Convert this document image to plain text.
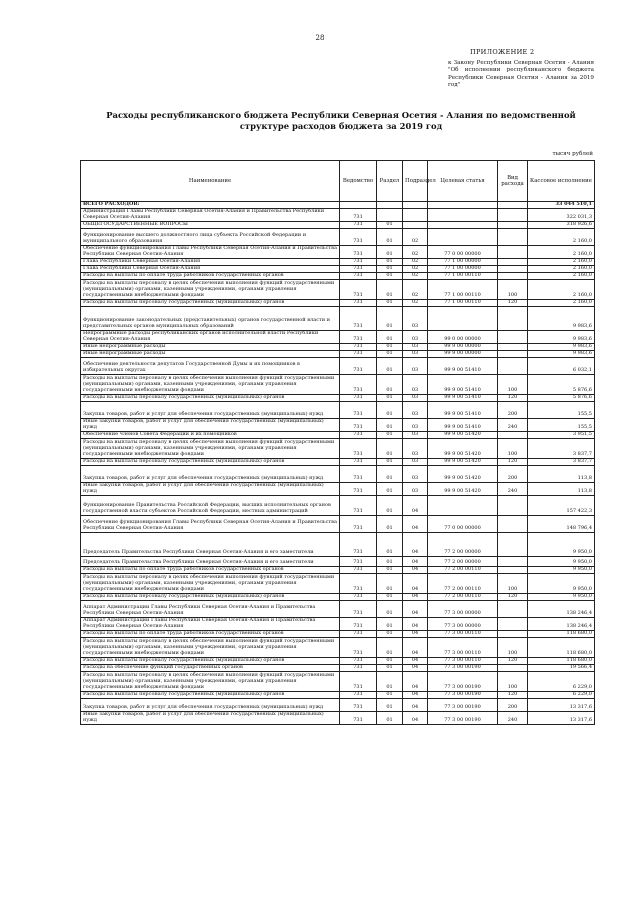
28
ПРИЛОЖЕНИЕ 2
к Закону Республики Северная Осетия - Алания "Об исполнении республиканского бюджета Республики Северная Осетия - Алания за 2019 год"
Расходы республиканского бюджета Республики Северная Осетия - Алания по ведомственной структуре расходов бюджета за 2019 год
тысяч рублей
Наименование	Ведомство	Раздел	Подраздел	Целевая статья	Вид расхода	Кассовое исполнение
ВСЕГО РАСХОДОВ:						33 044 510,1
Администрация Главы Республики Северная Осетия-Алания и Правительства Республики Северная Осетия-Алания	731					322 031,3
ОБЩЕГОСУДАРСТВЕННЫЕ ВОПРОСЫ	731	01				318 926,6
Функционирование высшего должностного лица субъекта Российской Федерации и муниципального образования	731	01	02			2 160,0
Обеспечение функционирования Главы Республики Северная Осетия-Алания и Правительства Республики Северная Осетия-Алания	731	01	02	77 0 00 00000		2 160,0
Глава Республики Северная Осетия-Алания	731	01	02	77 1 00 00000		2 160,0
Глава Республики Северная Осетия-Алания	731	01	02	77 1 00 00000		2 160,0
Расходы на выплаты по оплате труда работников государственных органов	731	01	02	77 1 00 00110		2 160,0
Расходы на выплаты персоналу в целях обеспечения выполнения функций государственными (муниципальными) органами, казенными учреждениями, органами управления государственными внебюджетными фондами	731	01	02	77 1 00 00110	100	2 160,0
Расходы на выплаты персоналу государственных (муниципальных) органов	731	01	02	77 1 00 00110	120	2 160,0
Функционирование законодательных (представительных) органов государственной власти и представительных органов муниципальных образований	731	01	03			9 983,6
Непрограммные расходы республиканских органов исполнительной власти Республики Северная Осетия-Алания	731	01	03	99 0 00 00000		9 983,6
Иные непрограммные расходы	731	01	03	99 9 00 00000		9 983,6
Иные непрограммные расходы	731	01	03	99 9 00 00000		9 983,6
Обеспечение деятельности депутатов Государственной Думы и их помощников в избирательных округах	731	01	03	99 9 00 51410		6 032,1
Расходы на выплаты персоналу в целях обеспечения выполнения функций государственными (муниципальными) органами, казенными учреждениями, органами управления государственными внебюджетными фондами	731	01	03	99 9 00 51410	100	5 876,6
Расходы на выплаты персоналу государственных (муниципальных) органов	731	01	03	99 9 00 51410	120	5 876,6
Закупка товаров, работ и услуг для обеспечения государственных (муниципальных) нужд	731	01	03	99 9 00 51410	200	155,5
Иные закупки товаров, работ и услуг для обеспечения государственных (муниципальных) нужд	731	01	03	99 9 00 51410	240	155,5
Обеспечение членов Совета Федерации и их помощников	731	01	03	99 9 00 51420		3 951,5
Расходы на выплаты персоналу в целях обеспечения выполнения функций государственными (муниципальными) органами, казенными учреждениями, органами управления государственными внебюджетными фондами	731	01	03	99 9 00 51420	100	3 837,7
Расходы на выплаты персоналу государственных (муниципальных) органов	731	01	03	99 9 00 51420	120	3 837,7
Закупка товаров, работ и услуг для обеспечения государственных (муниципальных) нужд	731	01	03	99 9 00 51420	200	113,8
Иные закупки товаров, работ и услуг для обеспечения государственных (муниципальных) нужд	731	01	03	99 9 00 51420	240	113,8
Функционирование Правительства Российской Федерации, высших исполнительных органов государственной власти субъектов Российской Федерации, местных администраций	731	01	04			157 422,3
Обеспечение функционирования Главы Республики Северная Осетия-Алания и Правительства Республики Северная Осетия-Алания	731	01	04	77 0 00 00000		148 796,4
Председатель Правительства Республики Северная Осетия-Алания и его заместители	731	01	04	77 2 00 00000		9 950,0
Председатель Правительства Республики Северная Осетия-Алания и его заместители	731	01	04	77 2 00 00000		9 950,0
Расходы на выплаты по оплате труда работников государственных органов	731	01	04	77 2 00 00110		9 950,0
Расходы на выплаты персоналу в целях обеспечения выполнения функций государственными (муниципальными) органами, казенными учреждениями, органами управления государственными внебюджетными фондами	731	01	04	77 2 00 00110	100	9 950,0
Расходы на выплаты персоналу государственных (муниципальных) органов	731	01	04	77 2 00 00110	120	9 950,0
Аппарат Администрации Главы Республики Северная Осетия-Алания и Правительства Республики Северная Осетия-Алания	731	01	04	77 3 00 00000		138 246,4
Аппарат Администрации Главы Республики Северная Осетия-Алания и Правительства Республики Северная Осетия-Алания	731	01	04	77 3 00 00000		138 246,4
Расходы на выплаты по оплате труда работников государственных органов	731	01	04	77 3 00 00110		118 680,0
Расходы на выплаты персоналу в целях обеспечения выполнения функций государственными (муниципальными) органами, казенными учреждениями, органами управления государственными внебюджетными фондами	731	01	04	77 3 00 00110	100	118 680,0
Расходы на выплаты персоналу государственных (муниципальных) органов	731	01	04	77 3 00 00110	120	118 680,0
Расходы на обеспечение функций государственных органов	731	01	04	77 3 00 00190		19 566,4
Расходы на выплаты персоналу в целях обеспечения выполнения функций государственными (муниципальными) органами, казенными учреждениями, органами управления государственными внебюджетными фондами	731	01	04	77 3 00 00190	100	6 229,0
Расходы на выплаты персоналу государственных (муниципальных) органов	731	01	04	77 3 00 00190	120	6 229,0
Закупка товаров, работ и услуг для обеспечения государственных (муниципальных) нужд	731	01	04	77 3 00 00190	200	13 317,6
Иные закупки товаров, работ и услуг для обеспечения государственных (муниципальных) нужд	731	01	04	77 3 00 00190	240	13 317,6
